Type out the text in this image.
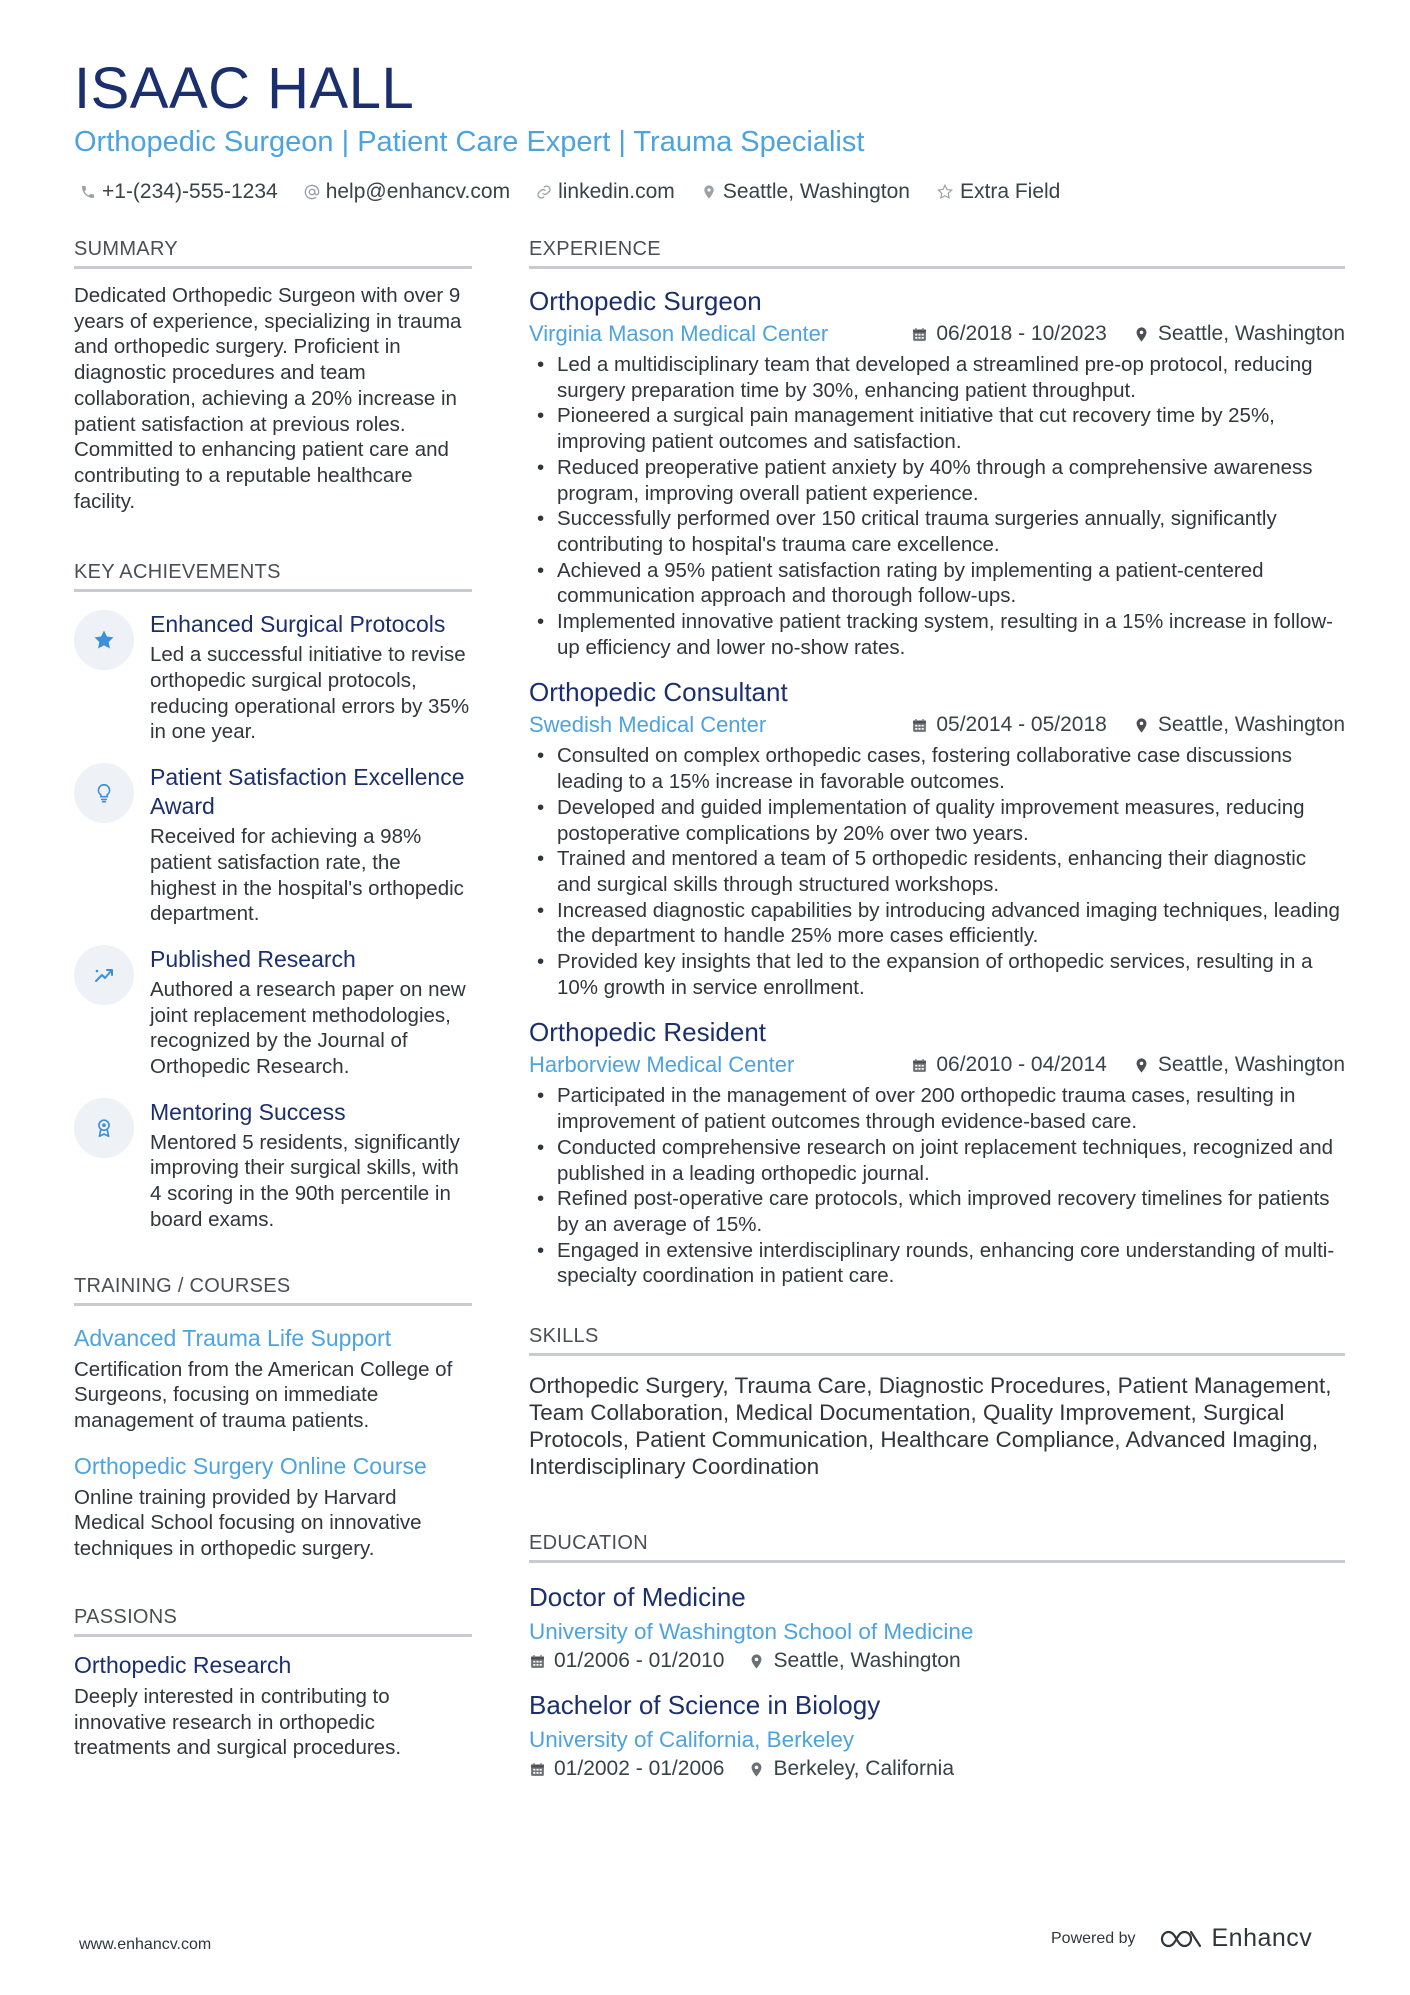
ISAAC HALL
Orthopedic Surgeon | Patient Care Expert | Trauma Specialist
+1-(234)-555-1234 help@enhancv.com linkedin.com Seattle, Washington Extra Field
SUMMARY
Dedicated Orthopedic Surgeon with over 9 years of experience, specializing in trauma and orthopedic surgery. Proficient in diagnostic procedures and team collaboration, achieving a 20% increase in patient satisfaction at previous roles. Committed to enhancing patient care and contributing to a reputable healthcare facility.
KEY ACHIEVEMENTS
Enhanced Surgical Protocols
Led a successful initiative to revise orthopedic surgical protocols, reducing operational errors by 35% in one year.
Patient Satisfaction Excellence Award
Received for achieving a 98% patient satisfaction rate, the highest in the hospital's orthopedic department.
Published Research
Authored a research paper on new joint replacement methodologies, recognized by the Journal of Orthopedic Research.
Mentoring Success
Mentored 5 residents, significantly improving their surgical skills, with 4 scoring in the 90th percentile in board exams.
TRAINING / COURSES
Advanced Trauma Life Support
Certification from the American College of Surgeons, focusing on immediate management of trauma patients.
Orthopedic Surgery Online Course
Online training provided by Harvard Medical School focusing on innovative techniques in orthopedic surgery.
PASSIONS
Orthopedic Research
Deeply interested in contributing to innovative research in orthopedic treatments and surgical procedures.
EXPERIENCE
Orthopedic Surgeon
Virginia Mason Medical Center	06/2018 - 10/2023 Seattle, Washington
• Led a multidisciplinary team that developed a streamlined pre-op protocol, reducing surgery preparation time by 30%, enhancing patient throughput.
• Pioneered a surgical pain management initiative that cut recovery time by 25%, improving patient outcomes and satisfaction.
• Reduced preoperative patient anxiety by 40% through a comprehensive awareness program, improving overall patient experience.
• Successfully performed over 150 critical trauma surgeries annually, significantly contributing to hospital's trauma care excellence.
• Achieved a 95% patient satisfaction rating by implementing a patient-centered communication approach and thorough follow-ups.
• Implemented innovative patient tracking system, resulting in a 15% increase in follow-up efficiency and lower no-show rates.
Orthopedic Consultant
Swedish Medical Center	05/2014 - 05/2018 Seattle, Washington
• Consulted on complex orthopedic cases, fostering collaborative case discussions leading to a 15% increase in favorable outcomes.
• Developed and guided implementation of quality improvement measures, reducing postoperative complications by 20% over two years.
• Trained and mentored a team of 5 orthopedic residents, enhancing their diagnostic and surgical skills through structured workshops.
• Increased diagnostic capabilities by introducing advanced imaging techniques, leading the department to handle 25% more cases efficiently.
• Provided key insights that led to the expansion of orthopedic services, resulting in a 10% growth in service enrollment.
Orthopedic Resident
Harborview Medical Center	06/2010 - 04/2014 Seattle, Washington
• Participated in the management of over 200 orthopedic trauma cases, resulting in improvement of patient outcomes through evidence-based care.
• Conducted comprehensive research on joint replacement techniques, recognized and published in a leading orthopedic journal.
• Refined post-operative care protocols, which improved recovery timelines for patients by an average of 15%.
• Engaged in extensive interdisciplinary rounds, enhancing core understanding of multi-specialty coordination in patient care.
SKILLS
Orthopedic Surgery, Trauma Care, Diagnostic Procedures, Patient Management, Team Collaboration, Medical Documentation, Quality Improvement, Surgical Protocols, Patient Communication, Healthcare Compliance, Advanced Imaging, Interdisciplinary Coordination
EDUCATION
Doctor of Medicine
University of Washington School of Medicine
01/2006 - 01/2010 Seattle, Washington
Bachelor of Science in Biology
University of California, Berkeley
01/2002 - 01/2006 Berkeley, California
www.enhancv.com	Powered by	Enhancv
